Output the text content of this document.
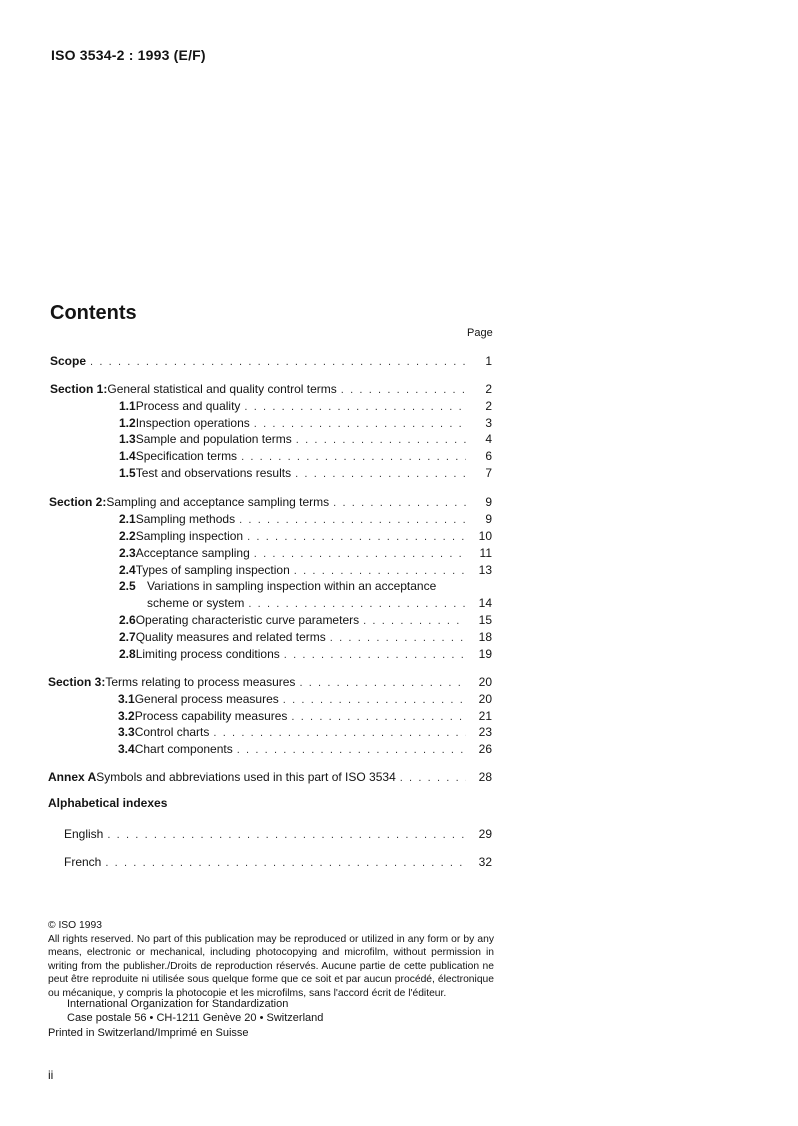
ISO 3534-2 : 1993 (E/F)
Contents
Page
Scope . . .	1
Section 1: General statistical and quality control terms . . .	2
1.1 Process and quality . . .	2
1.2 Inspection operations . . .	3
1.3 Sample and population terms . . .	4
1.4 Specification terms . . .	6
1.5 Test and observations results . . .	7
Section 2: Sampling and acceptance sampling terms . . .	9
2.1 Sampling methods . . .	9
2.2 Sampling inspection . . .	10
2.3 Acceptance sampling . . .	11
2.4 Types of sampling inspection . . .	13
2.5 Variations in sampling inspection within an acceptance
scheme or system . . .	14
2.6 Operating characteristic curve parameters . . .	15
2.7 Quality measures and related terms . . .	18
2.8 Limiting process conditions . . .	19
Section 3: Terms relating to process measures . . .	20
3.1 General process measures . . .	20
3.2 Process capability measures . . .	21
3.3 Control charts . . .	23
3.4 Chart components . . .	26
Annex A Symbols and abbreviations used in this part of ISO 3534 . . .	28
Alphabetical indexes
English . . .	29
French . . .	32

© ISO 1993

All rights reserved. No part of this publication may be reproduced or utilized in any form or by any means, electronic or mechanical, including photocopying and microfilm, without permission in writing from the publisher./Droits de reproduction réservés. Aucune partie de cette publication ne peut être reproduite ni utilisée sous quelque forme que ce soit et par aucun procédé, électronique ou mécanique, y compris la photocopie et les microfilms, sans l'accord écrit de l'éditeur.

International Organization for Standardization
Case postale 56 • CH-1211 Genève 20 • Switzerland
Printed in Switzerland/Imprimé en Suisse
ii
